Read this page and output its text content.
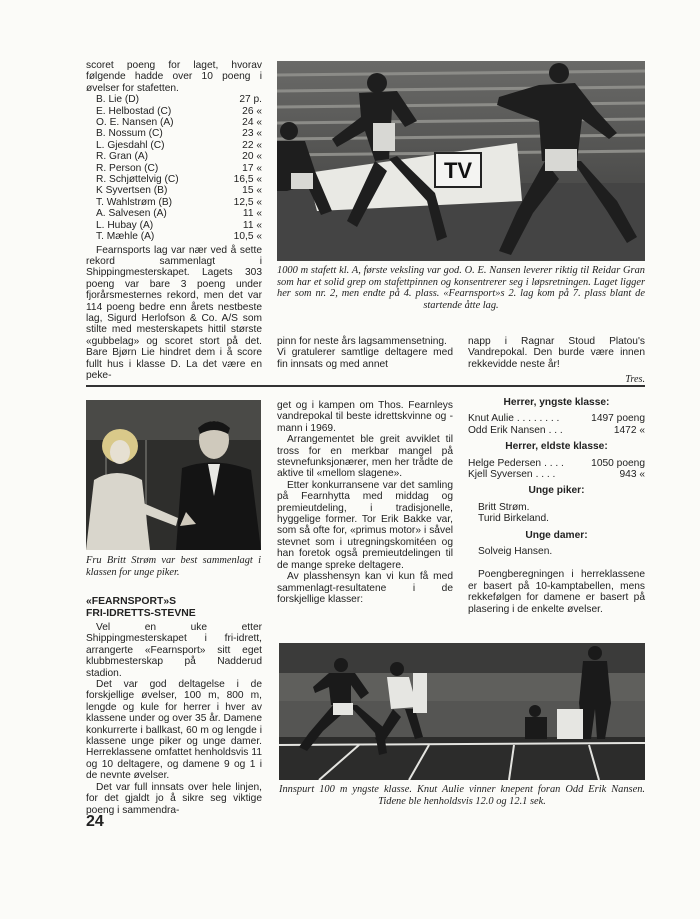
scoret poeng for laget, hvorav følgende hadde over 10 poeng i øvelser for stafetten.
B. Lie (D)	27 p.
E. Helbostad (C)	26 «
O. E. Nansen (A)	24 «
B. Nossum (C)	23 «
L. Gjesdahl (C)	22 «
R. Gran (A)	20 «
R. Person (C)	17 «
R. Schjøttelvig (C)	16,5 «
K Syvertsen (B)	15 «
T. Wahlstrøm (B)	12,5 «
A. Salvesen (A)	11 «
L. Hubay (A)	11 «
T. Mæhle (A)	10,5 «
Fearnsports lag var nær ved å sette rekord sammenlagt i Shippingmesterskapet. Lagets 303 poeng var bare 3 poeng under fjorårsmesternes rekord, men det var 114 poeng bedre enn årets nestbeste lag, Sigurd Herlofson & Co. A/S som stilte med mesterskapets hittil største «gubbelag» og scoret stort på det. Bare Bjørn Lie hindret dem i å score fullt hus i klasse D. La det være en peke-
TV
1000 m stafett kl. A, første veksling var god. O. E. Nansen leverer riktig til Reidar Gran som har et solid grep om stafettpinnen og konsentrerer seg i løpsretningen. Laget ligger her som nr. 2, men endte på 4. plass. «Fearnsport»s 2. lag kom på 7. plass blant de startende åtte lag.
pinn for neste års lagsammensetning.
Vi gratulerer samtlige deltagere med fin innsats og med annet
napp i Ragnar Stoud Platou's Vandrepokal. Den burde være innen rekkevidde neste år!
Tres.
Fru Britt Strøm var best sammenlagt i klassen for unge piker.
«FEARNSPORT»S
FRI-IDRETTS-STEVNE
Vel en uke etter Shippingmesterskapet i fri-idrett, arrangerte «Fearnsport» sitt eget klubbmesterskap på Nadderud stadion.
Det var god deltagelse i de forskjellige øvelser, 100 m, 800 m, lengde og kule for herrer i hver av klassene under og over 35 år. Damene konkurrerte i ballkast, 60 m og lengde i klassene unge piker og unge damer. Herreklassene omfattet henholdsvis 11 og 10 deltagere, og damene 9 og 1 i de nevnte øvelser.
Det var full innsats over hele linjen, for det gjaldt jo å sikre seg viktige poeng i sammendra-
get og i kampen om Thos. Fearnleys vandrepokal til beste idrettskvinne og -mann i 1969.
Arrangementet ble greit avviklet til tross for en merkbar mangel på stevnefunksjonærer, men her trådte de aktive til «mellom slagene».
Etter konkurransene var det samling på Fearnhytta med middag og premieutdeling, i tradisjonelle, hyggelige former. Tor Erik Bakke var, som så ofte for, «primus motor» i såvel stevnet som i utregningskomitéen og han foretok også premieutdelingen til de mange spreke deltagere.
Av plasshensyn kan vi kun få med sammenlagt-resultatene i de forskjellige klasser:
Herrer, yngste klasse:
Knut Aulie . . . . . . . .	1497 poeng
Odd Erik Nansen . . .	1472 «
Herrer, eldste klasse:
Helge Pedersen . . . .	1050 poeng
Kjell Syversen . . . .	943 «
Unge piker:
Britt Strøm.
Turid Birkeland.
Unge damer:
Solveig Hansen.
Poengberegningen i herreklassene er basert på 10-kamptabellen, mens rekkefølgen for damene er basert på plasering i de enkelte øvelser.
Innspurt 100 m yngste klasse. Knut Aulie vinner knepent foran Odd Erik Nansen. Tidene ble henholdsvis 12.0 og 12.1 sek.
24
